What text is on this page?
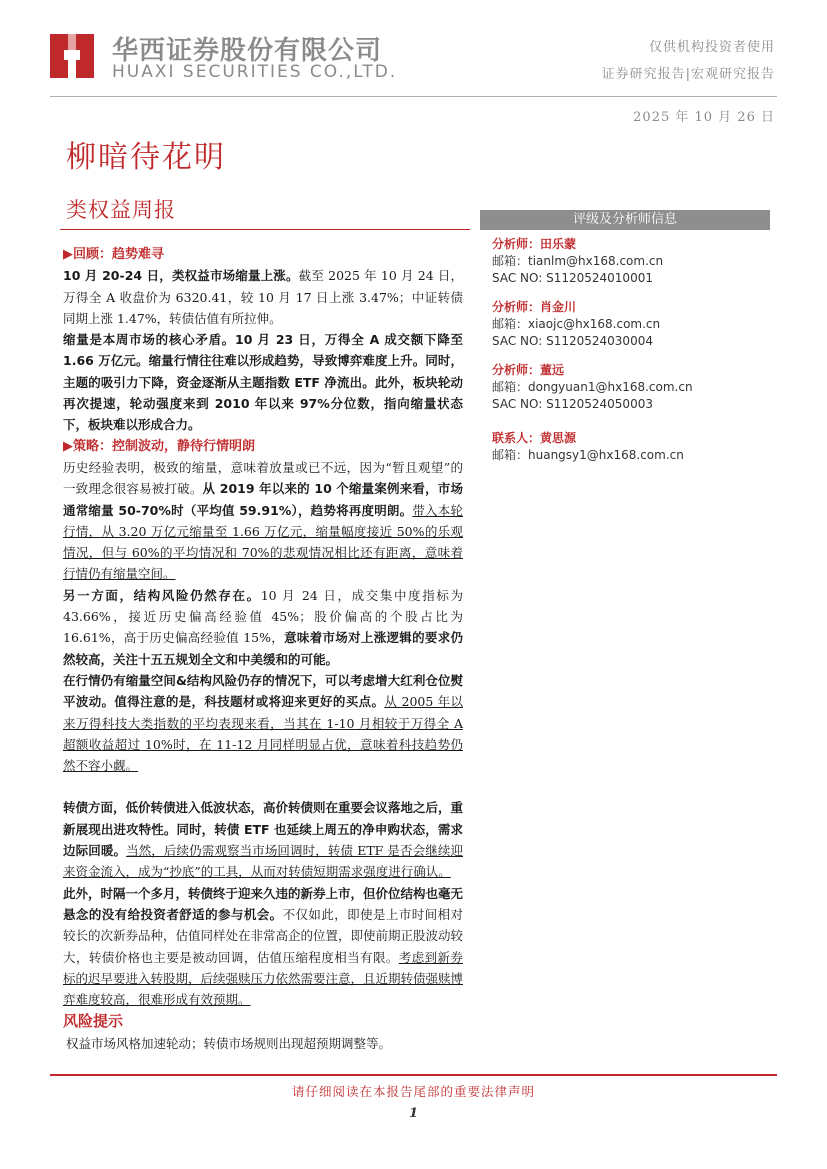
华西证券股份有限公司
HUAXI SECURITIES CO.,LTD.
仅供机构投资者使用
证券研究报告|宏观研究报告
2025 年 10 月 26 日
柳暗待花明
类权益周报

▶回顾：趋势难寻

10 月 20-24 日，类权益市场缩量上涨。截至 2025 年 10 月 24 日，万得全 A 收盘价为 6320.41，较 10 月 17 日上涨 3.47%；中证转债同期上涨 1.47%，转债估值有所拉伸。

缩量是本周市场的核心矛盾。10 月 23 日，万得全 A 成交额下降至 1.66 万亿元。缩量行情往往难以形成趋势，导致博弈难度上升。同时，主题的吸引力下降，资金逐渐从主题指数 ETF 净流出。此外，板块轮动再次提速，轮动强度来到 2010 年以来 97%分位数，指向缩量状态下，板块难以形成合力。

▶策略：控制波动，静待行情明朗

历史经验表明，极致的缩量，意味着放量或已不远，因为“暂且观望”的一致理念很容易被打破。从 2019 年以来的 10 个缩量案例来看，市场通常缩量 50-70%时（平均值 59.91%），趋势将再度明朗。带入本轮行情，从 3.20 万亿元缩量至 1.66 万亿元，缩量幅度接近 50%的乐观情况，但与 60%的平均情况和 70%的悲观情况相比还有距离，意味着行情仍有缩量空间。

另一方面，结构风险仍然存在。10 月 24 日，成交集中度指标为 43.66%，接近历史偏高经验值 45%；股价偏高的个股占比为 16.61%，高于历史偏高经验值 15%，意味着市场对上涨逻辑的要求仍然较高，关注十五五规划全文和中美缓和的可能。

在行情仍有缩量空间&结构风险仍存的情况下，可以考虑增大红利仓位熨平波动。值得注意的是，科技题材或将迎来更好的买点。从 2005 年以来万得科技大类指数的平均表现来看，当其在 1-10 月相较于万得全 A 超额收益超过 10%时，在 11-12 月同样明显占优，意味着科技趋势仍然不容小觑。

转债方面，低价转债进入低波状态，高价转债则在重要会议落地之后，重新展现出进攻特性。同时，转债 ETF 也延续上周五的净申购状态，需求边际回暖。当然，后续仍需观察当市场回调时，转债 ETF 是否会继续迎来资金流入，成为“抄底”的工具，从而对转债短期需求强度进行确认。

此外，时隔一个多月，转债终于迎来久违的新券上市，但价位结构也毫无悬念的没有给投资者舒适的参与机会。不仅如此，即使是上市时间相对较长的次新券品种，估值同样处在非常高企的位置，即使前期正股波动较大，转债价格也主要是被动回调，估值压缩程度相当有限。考虑到新券标的迟早要进入转股期，后续强赎压力依然需要注意，且近期转债强赎博弈难度较高，很难形成有效预期。

风险提示
权益市场风格加速轮动；转债市场规则出现超预期调整等。
评级及分析师信息
分析师：田乐蒙
邮箱：tianlm@hx168.com.cn
SAC NO: S1120524010001
分析师：肖金川
邮箱：xiaojc@hx168.com.cn
SAC NO: S1120524030004
分析师：董远
邮箱：dongyuan1@hx168.com.cn
SAC NO: S1120524050003
联系人：黄思源
邮箱：huangsy1@hx168.com.cn
请仔细阅读在本报告尾部的重要法律声明
1
